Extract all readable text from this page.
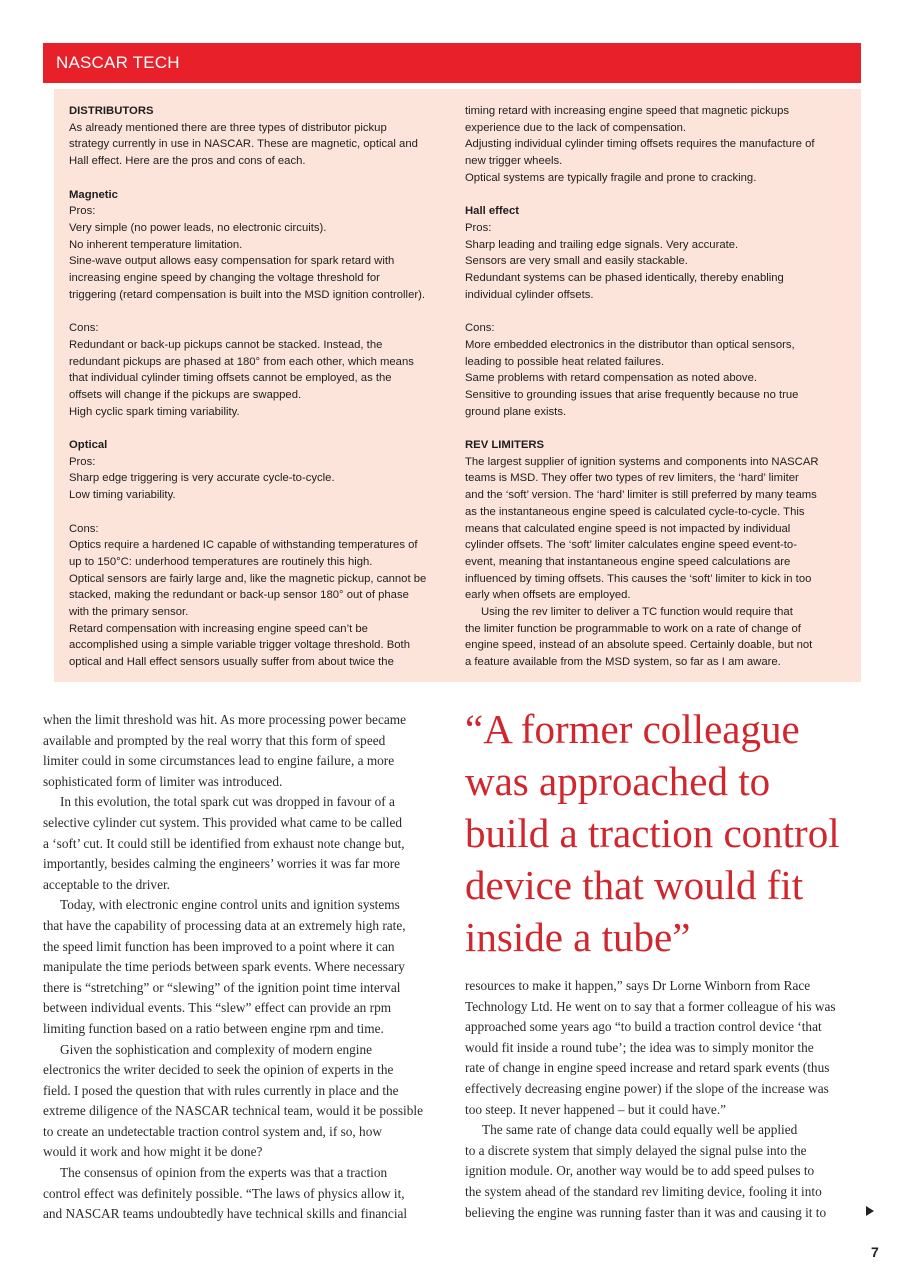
NASCAR TECH

DISTRIBUTORS

As already mentioned there are three types of distributor pickup

strategy currently in use in NASCAR. These are magnetic, optical and

Hall effect. Here are the pros and cons of each.

Magnetic

Pros:

Very simple (no power leads, no electronic circuits).

No inherent temperature limitation.

Sine-wave output allows easy compensation for spark retard with

increasing engine speed by changing the voltage threshold for

triggering (retard compensation is built into the MSD ignition controller).

Cons:

Redundant or back-up pickups cannot be stacked. Instead, the

redundant pickups are phased at 180° from each other, which means

that individual cylinder timing offsets cannot be employed, as the

offsets will change if the pickups are swapped.

High cyclic spark timing variability.

Optical

Pros:

Sharp edge triggering is very accurate cycle-to-cycle.

Low timing variability.

Cons:

Optics require a hardened IC capable of withstanding temperatures of

up to 150°C: underhood temperatures are routinely this high.

Optical sensors are fairly large and, like the magnetic pickup, cannot be

stacked, making the redundant or back-up sensor 180° out of phase

with the primary sensor.

Retard compensation with increasing engine speed can’t be

accomplished using a simple variable trigger voltage threshold. Both

optical and Hall effect sensors usually suffer from about twice the

timing retard with increasing engine speed that magnetic pickups

experience due to the lack of compensation.

Adjusting individual cylinder timing offsets requires the manufacture of

new trigger wheels.

Optical systems are typically fragile and prone to cracking.

Hall effect

Pros:

Sharp leading and trailing edge signals. Very accurate.

Sensors are very small and easily stackable.

Redundant systems can be phased identically, thereby enabling

individual cylinder offsets.

Cons:

More embedded electronics in the distributor than optical sensors,

leading to possible heat related failures.

Same problems with retard compensation as noted above.

Sensitive to grounding issues that arise frequently because no true

ground plane exists.

REV LIMITERS

The largest supplier of ignition systems and components into NASCAR

teams is MSD. They offer two types of rev limiters, the ‘hard’ limiter

and the ‘soft’ version. The ‘hard’ limiter is still preferred by many teams

as the instantaneous engine speed is calculated cycle-to-cycle. This

means that calculated engine speed is not impacted by individual

cylinder offsets. The ‘soft’ limiter calculates engine speed event-to-

event, meaning that instantaneous engine speed calculations are

influenced by timing offsets. This causes the ‘soft’ limiter to kick in too

early when offsets are employed.

Using the rev limiter to deliver a TC function would require that

the limiter function be programmable to work on a rate of change of

engine speed, instead of an absolute speed. Certainly doable, but not

a feature available from the MSD system, so far as I am aware.

when the limit threshold was hit. As more processing power became

available and prompted by the real worry that this form of speed

limiter could in some circumstances lead to engine failure, a more

sophisticated form of limiter was introduced.

In this evolution, the total spark cut was dropped in favour of a

selective cylinder cut system. This provided what came to be called

a ‘soft’ cut. It could still be identified from exhaust note change but,

importantly, besides calming the engineers’ worries it was far more

acceptable to the driver.

Today, with electronic engine control units and ignition systems

that have the capability of processing data at an extremely high rate,

the speed limit function has been improved to a point where it can

manipulate the time periods between spark events. Where necessary

there is “stretching” or “slewing” of the ignition point time interval

between individual events. This “slew” effect can provide an rpm

limiting function based on a ratio between engine rpm and time.

Given the sophistication and complexity of modern engine

electronics the writer decided to seek the opinion of experts in the

field. I posed the question that with rules currently in place and the

extreme diligence of the NASCAR technical team, would it be possible

to create an undetectable traction control system and, if so, how

would it work and how might it be done?

The consensus of opinion from the experts was that a traction

control effect was definitely possible. “The laws of physics allow it,

and NASCAR teams undoubtedly have technical skills and financial

“A former colleague

was approached to

build a traction control

device that would fit

inside a tube”

resources to make it happen,” says Dr Lorne Winborn from Race

Technology Ltd. He went on to say that a former colleague of his was

approached some years ago “to build a traction control device ‘that

would fit inside a round tube’; the idea was to simply monitor the

rate of change in engine speed increase and retard spark events (thus

effectively decreasing engine power) if the slope of the increase was

too steep. It never happened – but it could have.”

The same rate of change data could equally well be applied

to a discrete system that simply delayed the signal pulse into the

ignition module. Or, another way would be to add speed pulses to

the system ahead of the standard rev limiting device, fooling it into

believing the engine was running faster than it was and causing it to

7
